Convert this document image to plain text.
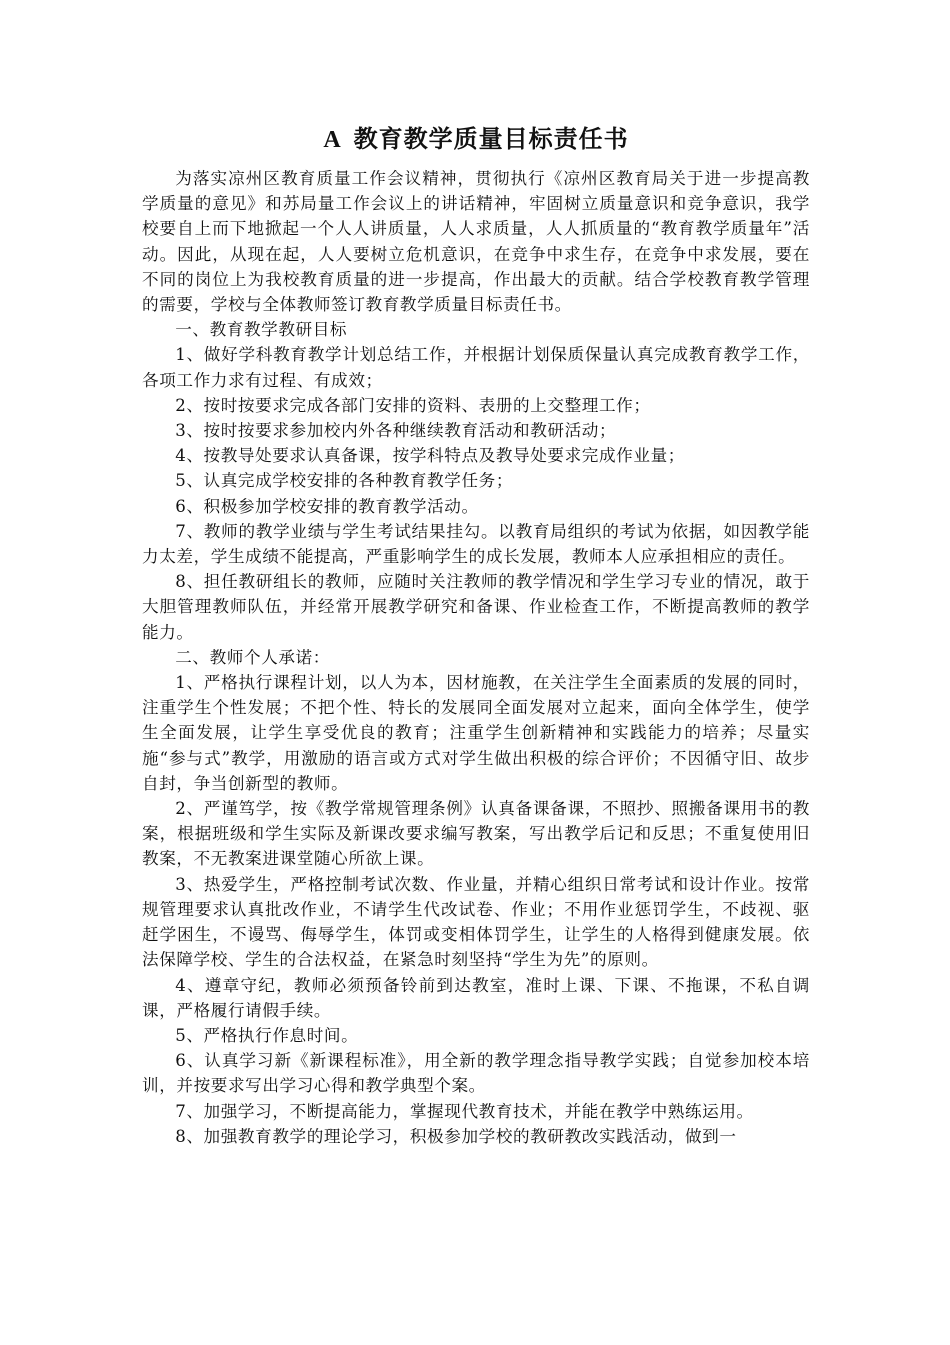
A 教育教学质量目标责任书

为落实凉州区教育质量工作会议精神，贯彻执行《凉州区教育局关于进一步提高教学质量的意见》和苏局量工作会议上的讲话精神，牢固树立质量意识和竞争意识，我学校要自上而下地掀起一个人人讲质量，人人求质量，人人抓质量的“教育教学质量年”活动。因此，从现在起，人人要树立危机意识，在竞争中求生存，在竞争中求发展，要在不同的岗位上为我校教育质量的进一步提高，作出最大的贡献。结合学校教育教学管理的需要，学校与全体教师签订教育教学质量目标责任书。

一、教育教学教研目标

1、做好学科教育教学计划总结工作，并根据计划保质保量认真完成教育教学工作，各项工作力求有过程、有成效；

2、按时按要求完成各部门安排的资料、表册的上交整理工作；

3、按时按要求参加校内外各种继续教育活动和教研活动；

4、按教导处要求认真备课，按学科特点及教导处要求完成作业量；

5、认真完成学校安排的各种教育教学任务；

6、积极参加学校安排的教育教学活动。

7、教师的教学业绩与学生考试结果挂勾。以教育局组织的考试为依据，如因教学能力太差，学生成绩不能提高，严重影响学生的成长发展，教师本人应承担相应的责任。

8、担任教研组长的教师，应随时关注教师的教学情况和学生学习专业的情况，敢于大胆管理教师队伍，并经常开展教学研究和备课、作业检查工作，不断提高教师的教学能力。

二、教师个人承诺：

1、严格执行课程计划，以人为本，因材施教，在关注学生全面素质的发展的同时，注重学生个性发展；不把个性、特长的发展同全面发展对立起来，面向全体学生，使学生全面发展，让学生享受优良的教育；注重学生创新精神和实践能力的培养；尽量实施“参与式”教学，用激励的语言或方式对学生做出积极的综合评价；不因循守旧、故步自封，争当创新型的教师。

2、严谨笃学，按《教学常规管理条例》认真备课备课，不照抄、照搬备课用书的教案，根据班级和学生实际及新课改要求编写教案，写出教学后记和反思；不重复使用旧教案，不无教案进课堂随心所欲上课。

3、热爱学生，严格控制考试次数、作业量，并精心组织日常考试和设计作业。按常规管理要求认真批改作业，不请学生代改试卷、作业；不用作业惩罚学生，不歧视、驱赶学困生，不谩骂、侮辱学生，体罚或变相体罚学生，让学生的人格得到健康发展。依法保障学校、学生的合法权益，在紧急时刻坚持“学生为先”的原则。

4、遵章守纪，教师必须预备铃前到达教室，准时上课、下课、不拖课，不私自调课，严格履行请假手续。

5、严格执行作息时间。

6、认真学习新《新课程标准》，用全新的教学理念指导教学实践；自觉参加校本培训，并按要求写出学习心得和教学典型个案。

7、加强学习，不断提高能力，掌握现代教育技术，并能在教学中熟练运用。

8、加强教育教学的理论学习，积极参加学校的教研教改实践活动，做到一
